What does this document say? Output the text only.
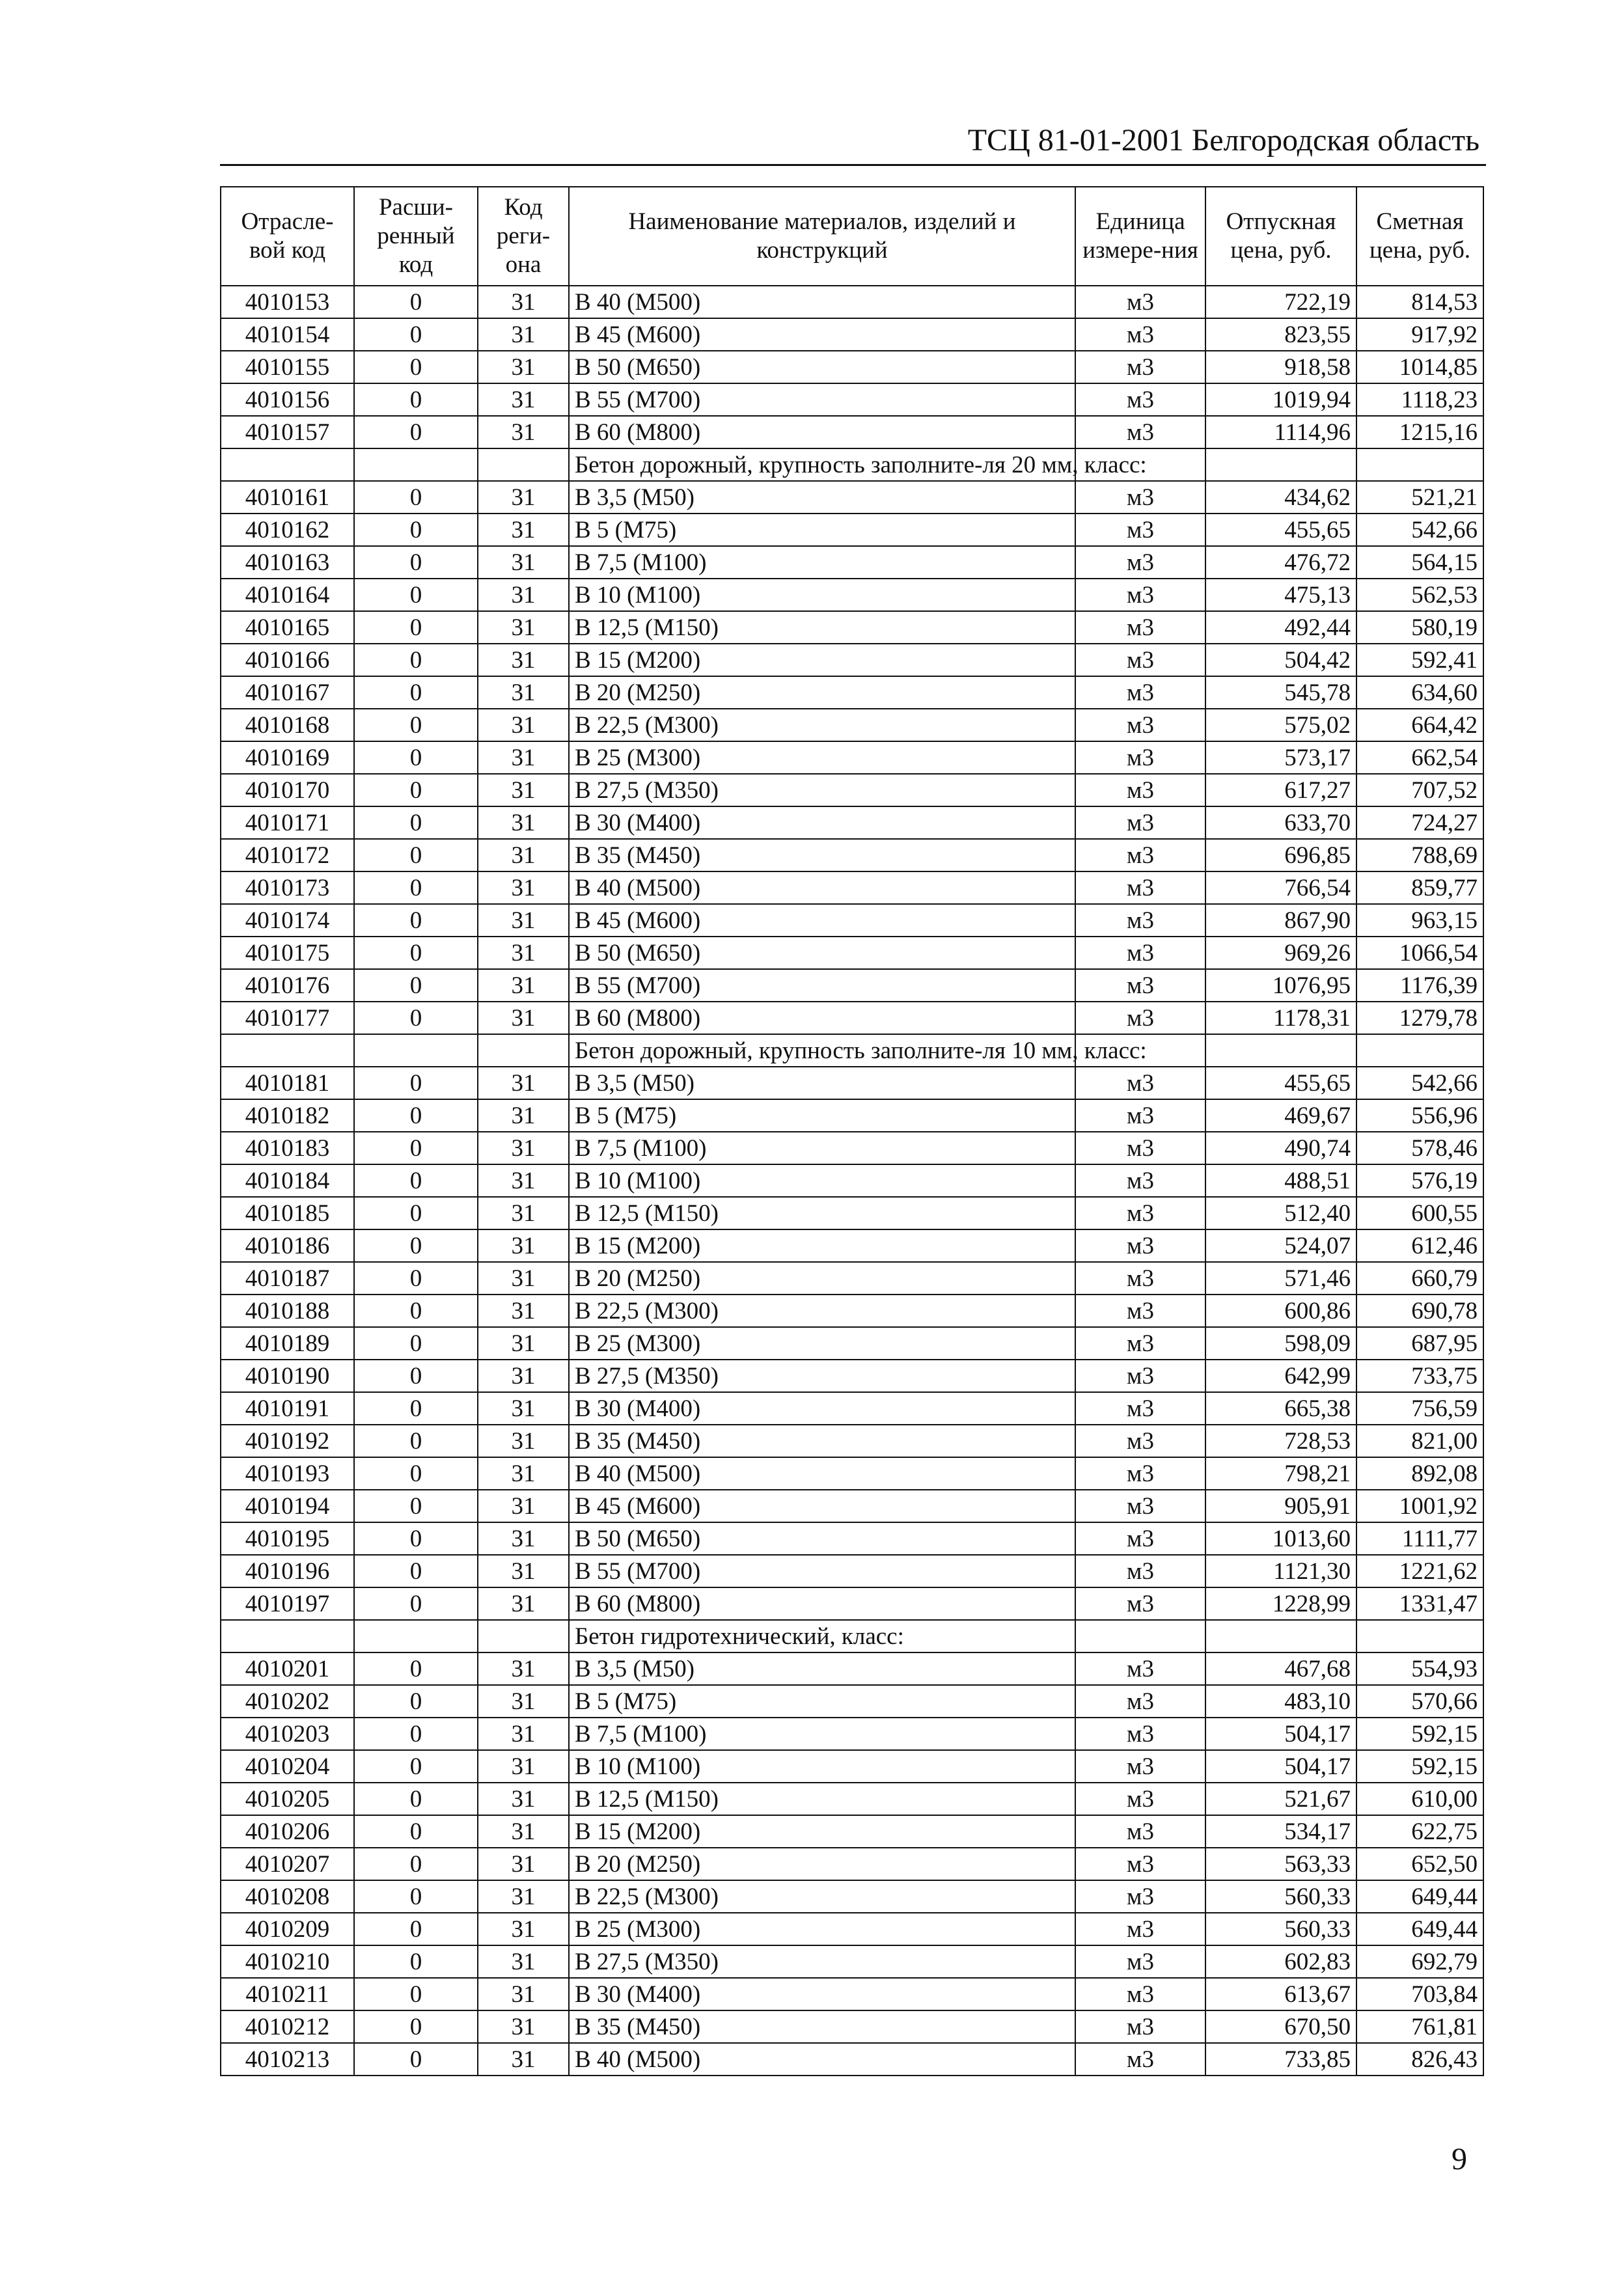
ТСЦ 81-01-2001 Белгородская область
Отрасле-вой код	Расши-ренный код	Код реги-она	Наименование материалов, изделий и конструкций	Единица измере-ния	Отпускная цена, руб.	Сметная цена, руб.
4010153	0	31	В 40 (М500)	м3	722,19	814,53
4010154	0	31	В 45 (М600)	м3	823,55	917,92
4010155	0	31	В 50 (М650)	м3	918,58	1014,85
4010156	0	31	В 55 (М700)	м3	1019,94	1118,23
4010157	0	31	В 60 (М800)	м3	1114,96	1215,16
			Бетон дорожный, крупность заполните-ля 20 мм, класс:			
4010161	0	31	В 3,5 (М50)	м3	434,62	521,21
4010162	0	31	В 5 (М75)	м3	455,65	542,66
4010163	0	31	В 7,5 (М100)	м3	476,72	564,15
4010164	0	31	В 10 (М100)	м3	475,13	562,53
4010165	0	31	В 12,5 (М150)	м3	492,44	580,19
4010166	0	31	В 15 (М200)	м3	504,42	592,41
4010167	0	31	В 20 (М250)	м3	545,78	634,60
4010168	0	31	В 22,5 (М300)	м3	575,02	664,42
4010169	0	31	В 25 (М300)	м3	573,17	662,54
4010170	0	31	В 27,5 (М350)	м3	617,27	707,52
4010171	0	31	В 30 (М400)	м3	633,70	724,27
4010172	0	31	В 35 (М450)	м3	696,85	788,69
4010173	0	31	В 40 (М500)	м3	766,54	859,77
4010174	0	31	В 45 (М600)	м3	867,90	963,15
4010175	0	31	В 50 (М650)	м3	969,26	1066,54
4010176	0	31	В 55 (М700)	м3	1076,95	1176,39
4010177	0	31	В 60 (М800)	м3	1178,31	1279,78
			Бетон дорожный, крупность заполните-ля 10 мм, класс:			
4010181	0	31	В 3,5 (М50)	м3	455,65	542,66
4010182	0	31	В 5 (М75)	м3	469,67	556,96
4010183	0	31	В 7,5 (М100)	м3	490,74	578,46
4010184	0	31	В 10 (М100)	м3	488,51	576,19
4010185	0	31	В 12,5 (М150)	м3	512,40	600,55
4010186	0	31	В 15 (М200)	м3	524,07	612,46
4010187	0	31	В 20 (М250)	м3	571,46	660,79
4010188	0	31	В 22,5 (М300)	м3	600,86	690,78
4010189	0	31	В 25 (М300)	м3	598,09	687,95
4010190	0	31	В 27,5 (М350)	м3	642,99	733,75
4010191	0	31	В 30 (М400)	м3	665,38	756,59
4010192	0	31	В 35 (М450)	м3	728,53	821,00
4010193	0	31	В 40 (М500)	м3	798,21	892,08
4010194	0	31	В 45 (М600)	м3	905,91	1001,92
4010195	0	31	В 50 (М650)	м3	1013,60	1111,77
4010196	0	31	В 55 (М700)	м3	1121,30	1221,62
4010197	0	31	В 60 (М800)	м3	1228,99	1331,47
			Бетон гидротехнический, класс:			
4010201	0	31	В 3,5 (М50)	м3	467,68	554,93
4010202	0	31	В 5 (М75)	м3	483,10	570,66
4010203	0	31	В 7,5 (М100)	м3	504,17	592,15
4010204	0	31	В 10 (М100)	м3	504,17	592,15
4010205	0	31	В 12,5 (М150)	м3	521,67	610,00
4010206	0	31	В 15 (М200)	м3	534,17	622,75
4010207	0	31	В 20 (М250)	м3	563,33	652,50
4010208	0	31	В 22,5 (М300)	м3	560,33	649,44
4010209	0	31	В 25 (М300)	м3	560,33	649,44
4010210	0	31	В 27,5 (М350)	м3	602,83	692,79
4010211	0	31	В 30 (М400)	м3	613,67	703,84
4010212	0	31	В 35 (М450)	м3	670,50	761,81
4010213	0	31	В 40 (М500)	м3	733,85	826,43
9
